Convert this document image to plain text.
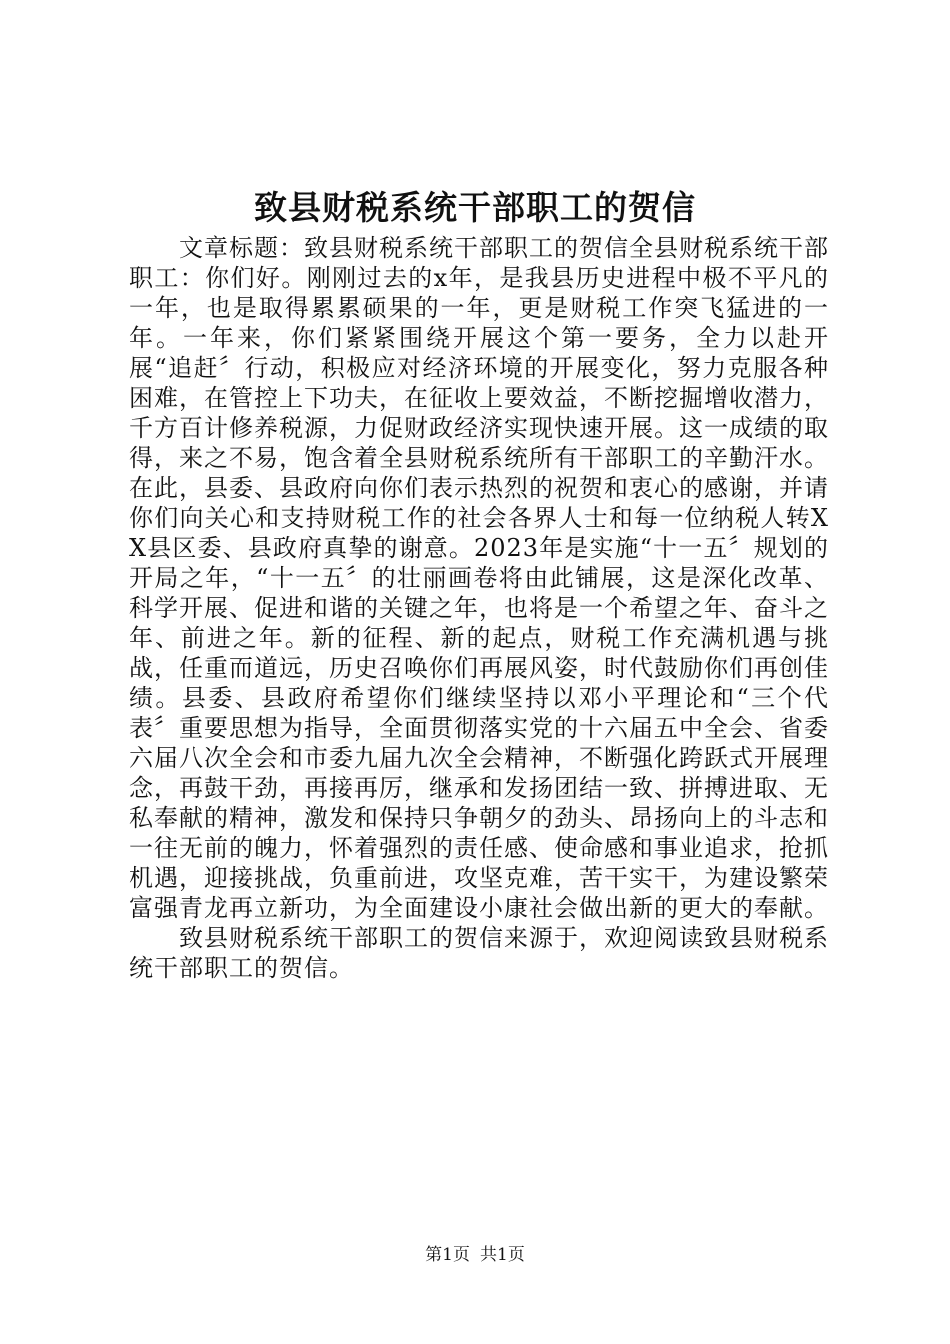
致县财税系统干部职工的贺信

文章标题：致县财税系统干部职工的贺信全县财税系统干部职工：你们好。刚刚过去的x年，是我县历史进程中极不平凡的一年，也是取得累累硕果的一年，更是财税工作突飞猛进的一年。一年来，你们紧紧围绕开展这个第一要务，全力以赴开展“追赶〞行动，积极应对经济环境的开展变化，努力克服各种困难，在管控上下功夫，在征收上要效益，不断挖掘增收潜力，千方百计修养税源，力促财政经济实现快速开展。这一成绩的取得，来之不易，饱含着全县财税系统所有干部职工的辛勤汗水。在此，县委、县政府向你们表示热烈的祝贺和衷心的感谢，并请你们向关心和支持财税工作的社会各界人士和每一位纳税人转XX县区委、县政府真挚的谢意。2023年是实施“十一五〞规划的开局之年，“十一五〞的壮丽画卷将由此铺展，这是深化改革、科学开展、促进和谐的关键之年，也将是一个希望之年、奋斗之年、前进之年。新的征程、新的起点，财税工作充满机遇与挑战，任重而道远，历史召唤你们再展风姿，时代鼓励你们再创佳绩。县委、县政府希望你们继续坚持以邓小平理论和“三个代表〞重要思想为指导，全面贯彻落实党的十六届五中全会、省委六届八次全会和市委九届九次全会精神，不断强化跨跃式开展理念，再鼓干劲，再接再厉，继承和发扬团结一致、拼搏进取、无私奉献的精神，激发和保持只争朝夕的劲头、昂扬向上的斗志和一往无前的魄力，怀着强烈的责任感、使命感和事业追求，抢抓机遇，迎接挑战，负重前进，攻坚克难，苦干实干，为建设繁荣富强青龙再立新功，为全面建设小康社会做出新的更大的奉献。

致县财税系统干部职工的贺信来源于，欢迎阅读致县财税系统干部职工的贺信。

第1页 共1页
